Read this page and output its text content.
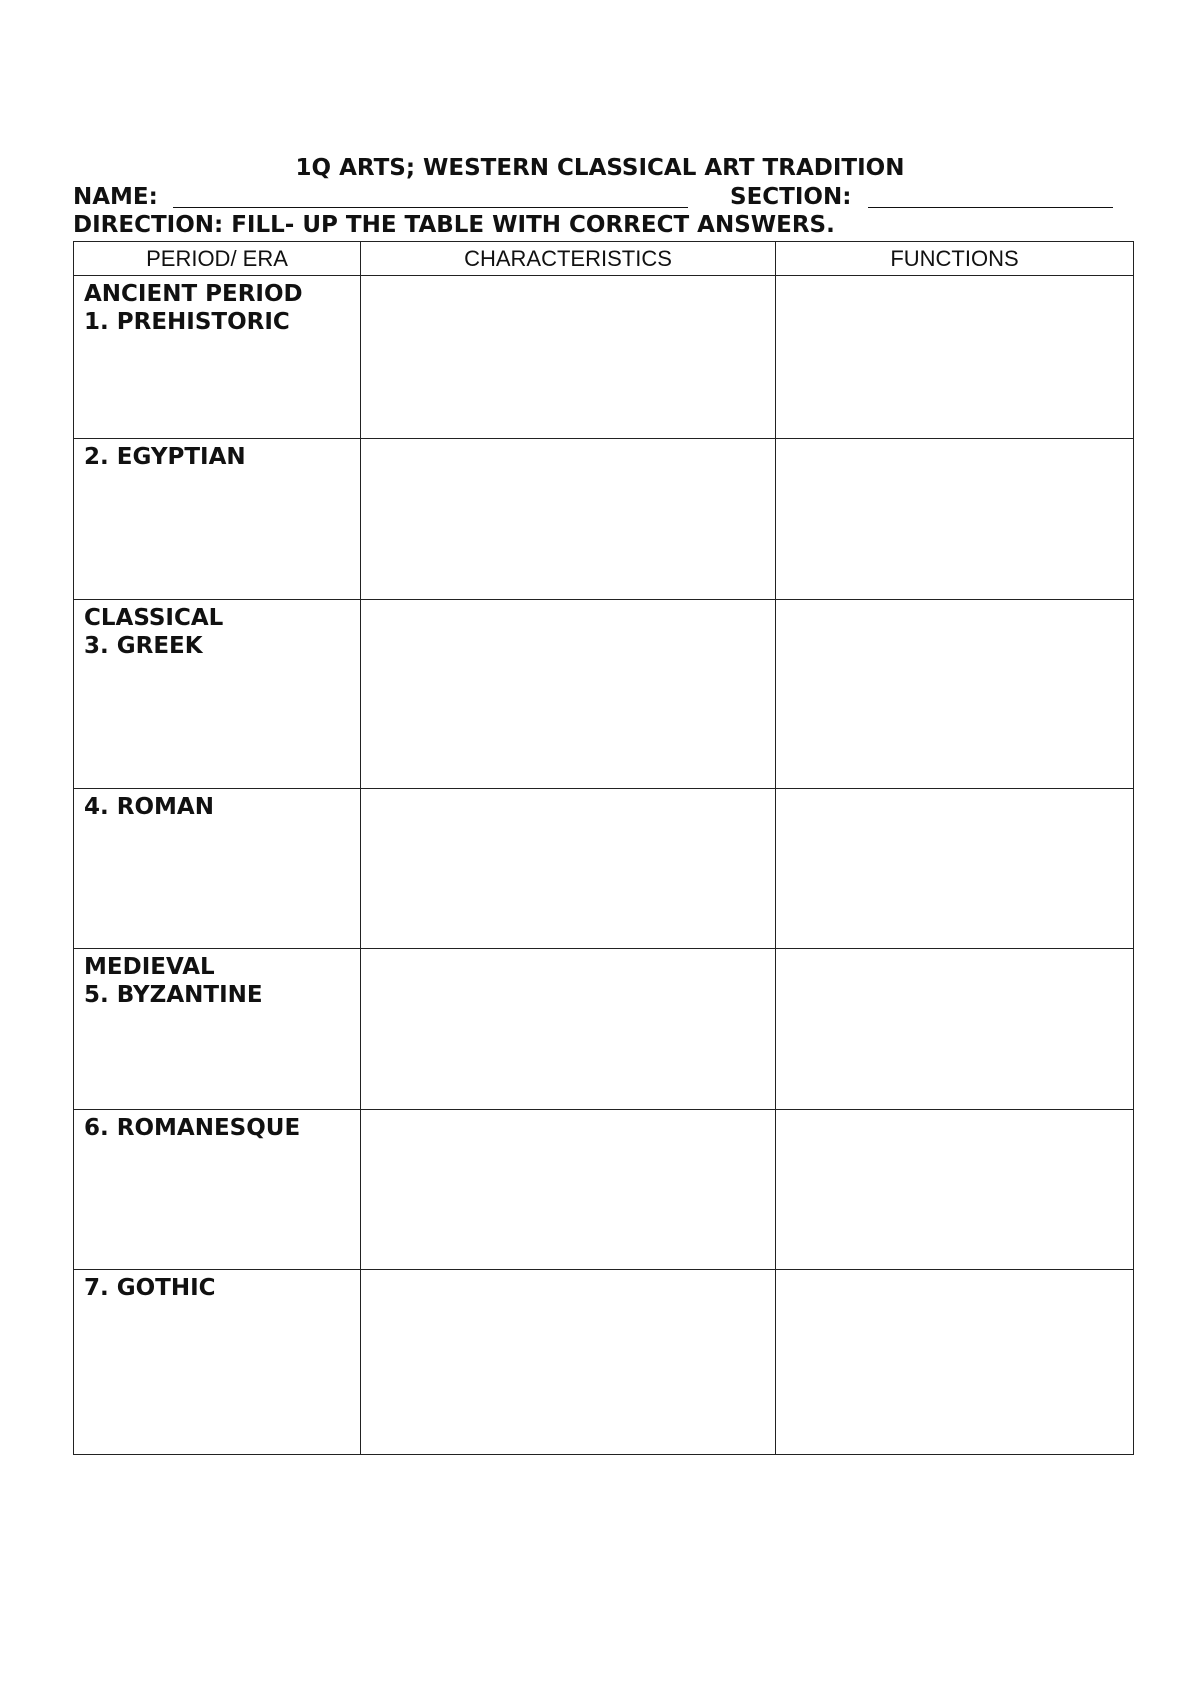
1Q ARTS; WESTERN CLASSICAL ART TRADITION
NAME:	SECTION:
DIRECTION: FILL- UP THE TABLE WITH CORRECT ANSWERS.
PERIOD/ ERA	CHARACTERISTICS	FUNCTIONS

ANCIENT PERIOD
1. PREHISTORIC		

2. EGYPTIAN		

CLASSICAL
3. GREEK		

4. ROMAN		

MEDIEVAL
5. BYZANTINE		

6. ROMANESQUE		

7. GOTHIC		
